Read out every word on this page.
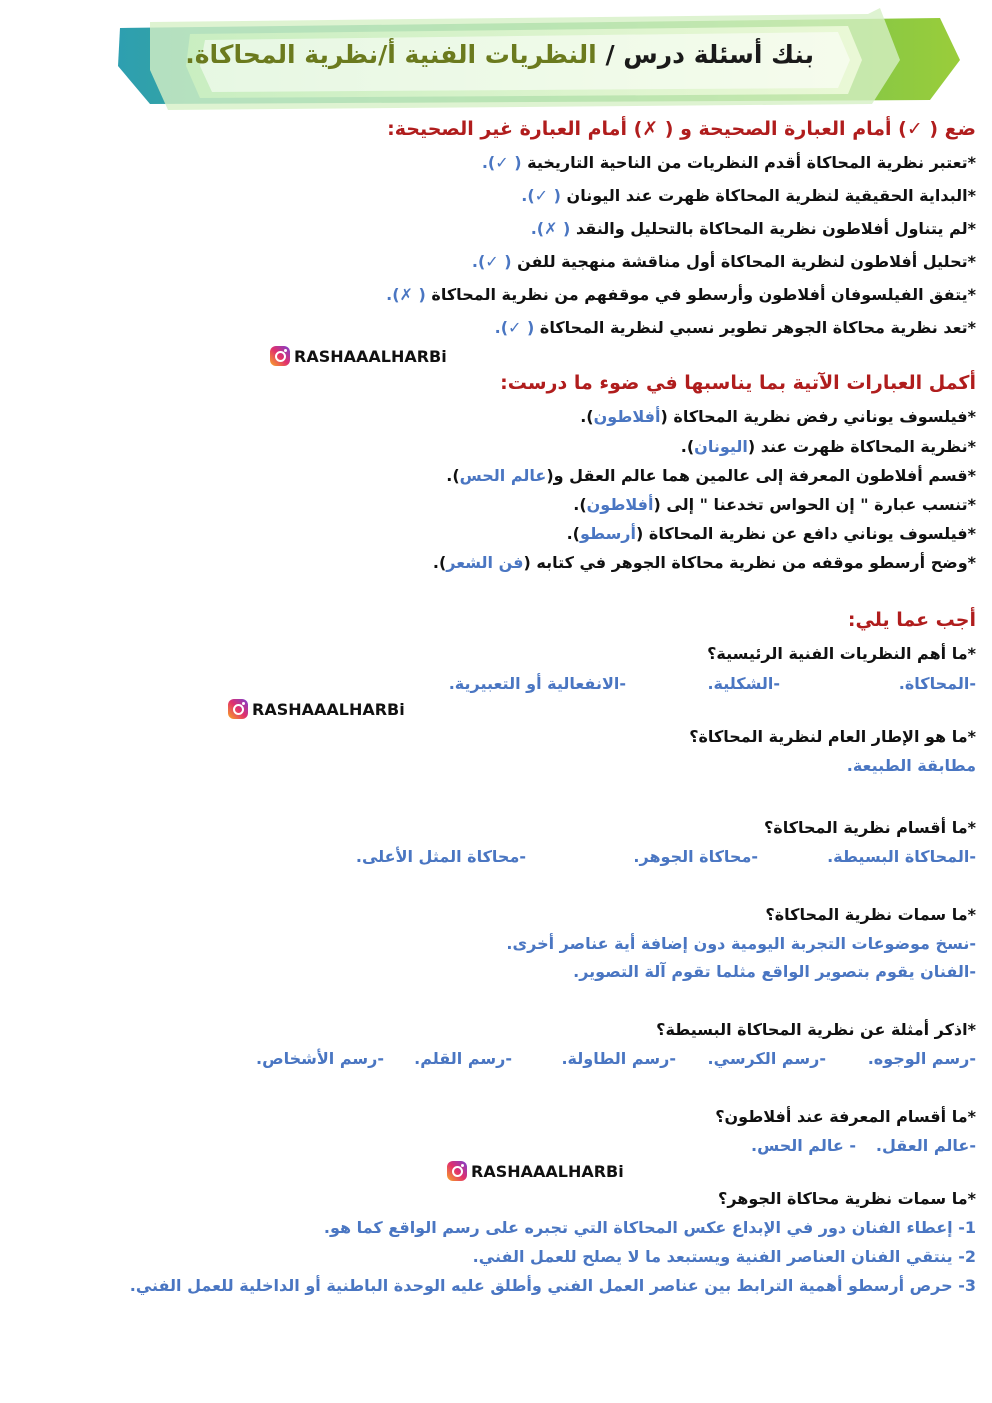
بنك أسئلة درس / النظريات الفنية أ/نظرية المحاكاة.
ضع ( ✓) أمام العبارة الصحيحة و ( ✗) أمام العبارة غير الصحيحة:
*تعتبر نظرية المحاكاة أقدم النظريات من الناحية التاريخية ( ✓).
*البداية الحقيقية لنظرية المحاكاة ظهرت عند اليونان ( ✓).
*لم يتناول أفلاطون نظرية المحاكاة بالتحليل والنقد ( ✗).
*تحليل أفلاطون لنظرية المحاكاة أول مناقشة منهجية للفن ( ✓).
*يتفق الفيلسوفان أفلاطون وأرسطو في موقفهم من نظرية المحاكاة ( ✗).
*تعد نظرية محاكاة الجوهر تطوير نسبي لنظرية المحاكاة ( ✓).
RASHAAALHARBi
أكمل العبارات الآتية بما يناسبها في ضوء ما درست:
*فيلسوف يوناني رفض نظرية المحاكاة (أفلاطون).
*نظرية المحاكاة ظهرت عند (اليونان).
*قسم أفلاطون المعرفة إلى عالمين هما عالم العقل و(عالم الحس).
*تنسب عبارة " إن الحواس تخدعنا " إلى (أفلاطون).
*فيلسوف يوناني دافع عن نظرية المحاكاة (أرسطو).
*وضح أرسطو موقفه من نظرية محاكاة الجوهر في كتابه (فن الشعر).
أجب عما يلي:
*ما أهم النظريات الفنية الرئيسية؟
-المحاكاة.
-الشكلية.
-الانفعالية أو التعبيرية.
RASHAAALHARBi
*ما هو الإطار العام لنظرية المحاكاة؟
مطابقة الطبيعة.
*ما أقسام نظرية المحاكاة؟
-المحاكاة البسيطة.
-محاكاة الجوهر.
-محاكاة المثل الأعلى.
*ما سمات نظرية المحاكاة؟
-نسخ موضوعات التجربة اليومية دون إضافة أية عناصر أخرى.
-الفنان يقوم بتصوير الواقع مثلما تقوم آلة التصوير.
*اذكر أمثلة عن نظرية المحاكاة البسيطة؟
-رسم الوجوه.
-رسم الكرسي.
-رسم الطاولة.
-رسم القلم.
-رسم الأشخاص.
*ما أقسام المعرفة عند أفلاطون؟
-عالم العقل.
- عالم الحس.
RASHAAALHARBi
*ما سمات نظرية محاكاة الجوهر؟
1- إعطاء الفنان دور في الإبداع عكس المحاكاة التي تجبره على رسم الواقع كما هو.
2- ينتقي الفنان العناصر الفنية ويستبعد ما لا يصلح للعمل الفني.
3- حرص أرسطو أهمية الترابط بين عناصر العمل الفني وأطلق عليه الوحدة الباطنية أو الداخلية للعمل الفني.
